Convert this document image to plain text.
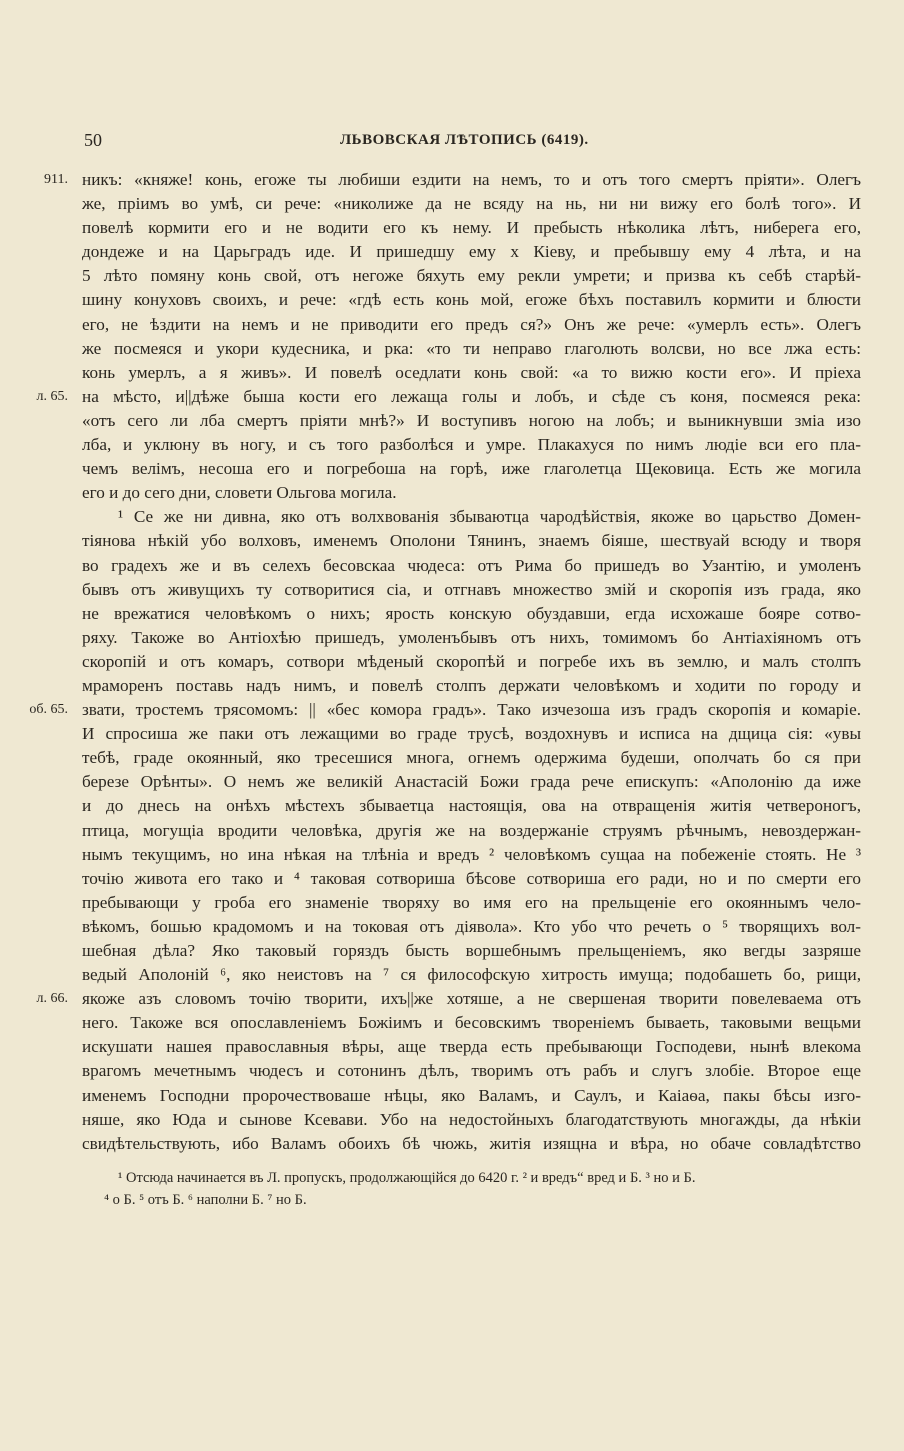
50	ЛЬВОВСКАЯ ЛѢТОПИСЬ (6419).
911. никъ: «княже! конь, егоже ты любиши ездити на немъ, то и отъ того смертъ пріяти». Олегъ
же, пріимъ во умѣ, си рече: «николиже да не всяду на нь, ни ни вижу его болѣ того». И
повелѣ кормити его и не водити его къ нему. И пребысть нѣколика лѣтъ, ниберега его,
дондеже и на Царьградъ иде. И пришедшу ему х Кіеву, и пребывшу ему 4 лѣта, и на
5 лѣто помяну конь свой, отъ негоже бяхуть ему рекли умрети; и призва къ себѣ старѣй-
шину конуховъ своихъ, и рече: «гдѣ есть конь мой, егоже бѣхъ поставилъ кормити и блюсти
его, не ѣздити на немъ и не приводити его предъ ся?» Онъ же рече: «умерлъ есть». Олегъ
же посмеяся и укори кудесника, и рка: «то ти неправо глаголють волсви, но все лжа есть:
конь умерлъ, а я живъ». И повелѣ оседлати конь свой: «а то вижю кости его». И пріеха
л. 65. на мѣсто, и||дѣже быша кости его лежаща голы и лобъ, и сѣде съ коня, посмеяся река:
«отъ сего ли лба смертъ пріяти мнѣ?» И воступивъ ногою на лобъ; и выникнувши зміа изо
лба, и уклюну въ ногу, и съ того разболѣся и умре. Плакахуся по нимъ людіе вси его пла-
чемъ велімъ, несоша его и погребоша на горѣ, иже глаголетца Щековица. Есть же могила
его и до сего дни, словети Ольгова могила.
¹ Се же ни дивна, яко отъ волхвованія збываютца чародѣйствія, якоже во царьство Домен-
тіянова нѣкій убо волховъ, именемъ Ополони Тянинъ, знаемъ біяше, шествуай всюду и творя
во градехъ же и въ селехъ бесовскаа чюдеса: отъ Рима бо пришедъ во Узантію, и умоленъ
бывъ отъ живущихъ ту сотворитися сіа, и отгнавъ множество змій и скоропія изъ града, яко
не врежатися человѣкомъ о нихъ; ярость конскую обуздавши, егда исхожаше бояре сотво-
ряху. Такоже во Антіохѣю пришедъ, умоленъбывъ отъ нихъ, томимомъ бо Антіахіяномъ отъ
скоропій и отъ комаръ, сотвори мѣденый скоропѣй и погребе ихъ въ землю, и малъ столпъ
мраморенъ поставь надъ нимъ, и повелѣ столпъ держати человѣкомъ и ходити по городу и
об. 65. звати, тростемъ трясомомъ: || «бес комора градъ». Тако изчезоша изъ градъ скоропія и комаріе.
И спросиша же паки отъ лежащими во граде трусѣ, воздохнувъ и исписа на дщица сія: «увы
тебѣ, граде окоянный, яко тресешися многа, огнемъ одержима будеши, ополчать бо ся при
березе Орѣнты». О немъ же великій Анастасій Божи града рече епискупъ: «Аполонію да иже
и до днесь на онѣхъ мѣстехъ збываетца настоящія, ова на отвращенія житія четвероногъ,
птица, могущіа вродити человѣка, другія же на воздержаніе струямъ рѣчнымъ, невоздержан-
нымъ текущимъ, но ина нѣкая на тлѣніа и вредъ ² человѣкомъ сущаа на побеженіе стоять. Не ³
точію живота его тако и ⁴ таковая сотвориша бѣсове сотвориша его ради, но и по смерти его
пребывающи у гроба его знаменіе творяху во имя его на прельщеніе его окояннымъ чело-
вѣкомъ, бошью крадомомъ и на токовая отъ діявола». Кто убо что речеть о ⁵ творящихъ вол-
шебная дѣла? Яко таковый горяздъ бысть воршебнымъ прельщеніемъ, яко вегды зазряше
ведый Аполоній ⁶, яко неистовъ на ⁷ ся философскую хитрость имуща; подобашеть бо, рищи,
л. 66. якоже азъ словомъ точію творити, ихъ||же хотяше, а не свершеная творити повелеваема отъ
него. Такоже вся опославленіемъ Божіимъ и бесовскимъ твореніемъ бываеть, таковыми вещьми
искушати нашея православныя вѣры, аще тверда есть пребывающи Господеви, нынѣ влекома
врагомъ мечетнымъ чюдесъ и сотонинъ дѣлъ, творимъ отъ рабъ и слугъ злобіе. Второе еще
именемъ Господни пророчествоваше нѣцы, яко Валамъ, и Саулъ, и Каіаѳа, пакы бѣсы изго-
няше, яко Юда и сынове Ксевави. Убо на недостойныхъ благодатствують многажды, да нѣкіи
свидѣтельствують, ибо Валамъ обоихъ бѣ чюжь, житія изящна и вѣра, но обаче совладѣтство
¹ Отсюда начинается въ Л. пропускъ, продолжающійся до 6420 г. ² и вредъ“ вред и Б. ³ но и Б.
⁴ о Б. ⁵ отъ Б. ⁶ наполни Б. ⁷ но Б.
